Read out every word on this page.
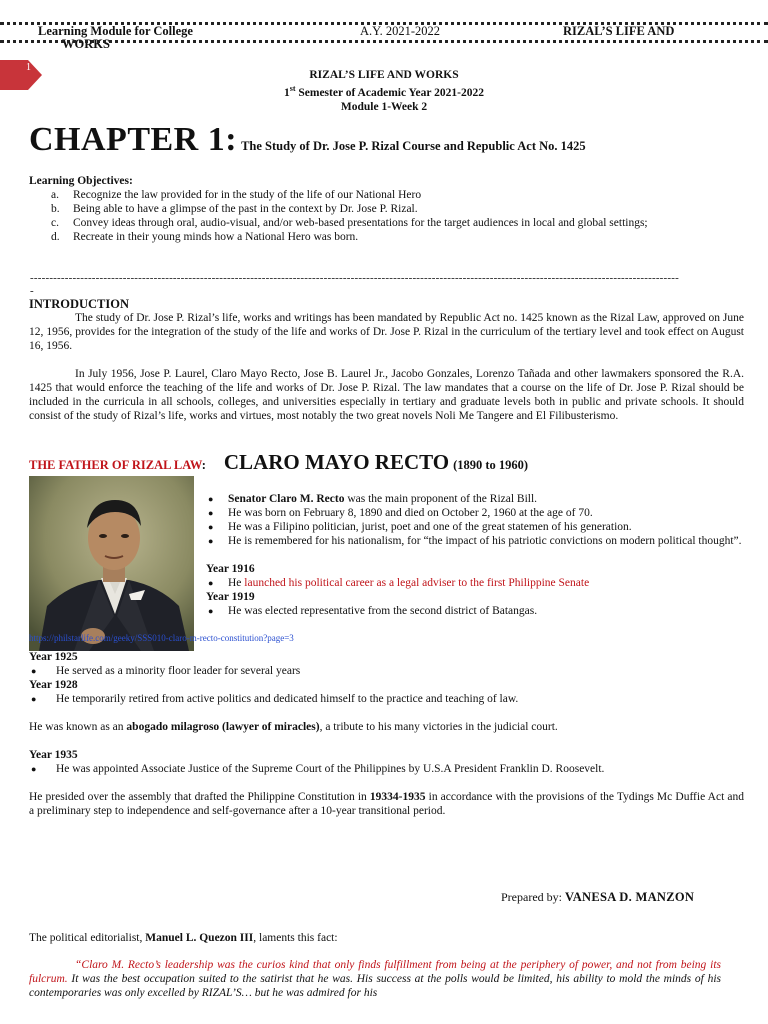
Learning Module for College	A.Y. 2021-2022	RIZAL’S LIFE AND
WORKS
1
RIZAL’S LIFE AND WORKS
1st Semester of Academic Year 2021-2022
Module 1-Week 2
CHAPTER 1: The Study of Dr. Jose P. Rizal Course and Republic Act No. 1425
Learning Objectives:
a. Recognize the law provided for in the study of the life of our National Hero
b. Being able to have a glimpse of the past in the context by Dr. Jose P. Rizal.
c. Convey ideas through oral, audio-visual, and/or web-based presentations for the target audiences in local and global settings;
d. Recreate in their young minds how a National Hero was born.
------------------------------------------------------------------------------------------------------------------------------------------------------------------------
-
INTRODUCTION
The study of Dr. Jose P. Rizal’s life, works and writings has been mandated by Republic Act no. 1425 known as the Rizal Law, approved on June 12, 1956, provides for the integration of the study of the life and works of Dr. Jose P. Rizal in the curriculum of the tertiary level and took effect on August 16, 1956.
In July 1956, Jose P. Laurel, Claro Mayo Recto, Jose B. Laurel Jr., Jacobo Gonzales, Lorenzo Tañada and other lawmakers sponsored the R.A. 1425 that would enforce the teaching of the life and works of Dr. Jose P. Rizal. The law mandates that a course on the life of Dr. Jose P. Rizal should be included in the curricula in all schools, colleges, and universities especially in tertiary and graduate levels both in public and private schools. It should consist of the study of Rizal’s life, works and virtues, most notably the two great novels Noli Me Tangere and El Filibusterismo.
THE FATHER OF RIZAL LAW: CLARO MAYO RECTO (1890 to 1960)
● Senator Claro M. Recto was the main proponent of the Rizal Bill.
● He was born on February 8, 1890 and died on October 2, 1960 at the age of 70.
● He was a Filipino politician, jurist, poet and one of the great statemen of his generation.
● He is remembered for his nationalism, for “the impact of his patriotic convictions on modern political thought”.
Year 1916
● He launched his political career as a legal adviser to the first Philippine Senate
Year 1919
● He was elected representative from the second district of Batangas.
https://philstarlife.com/geeky/SSS010-claro-m-recto-constitution?page=3
Year 1925
● He served as a minority floor leader for several years
Year 1928
● He temporarily retired from active politics and dedicated himself to the practice and teaching of law.
He was known as an abogado milagroso (lawyer of miracles), a tribute to his many victories in the judicial court.
Year 1935
● He was appointed Associate Justice of the Supreme Court of the Philippines by U.S.A President Franklin D. Roosevelt.
He presided over the assembly that drafted the Philippine Constitution in 19334-1935 in accordance with the provisions of the Tydings Mc Duffie Act and a preliminary step to independence and self-governance after a 10-year transitional period.
Prepared by: VANESA D. MANZON
The political editorialist, Manuel L. Quezon III, laments this fact:
“Claro M. Recto’s leadership was the curios kind that only finds fulfillment from being at the periphery of power, and not from being its fulcrum. It was the best occupation suited to the satirist that he was. His success at the polls would be limited, his ability to mold the minds of his contemporaries was only excelled by RIZAL’S… but he was admired for his
